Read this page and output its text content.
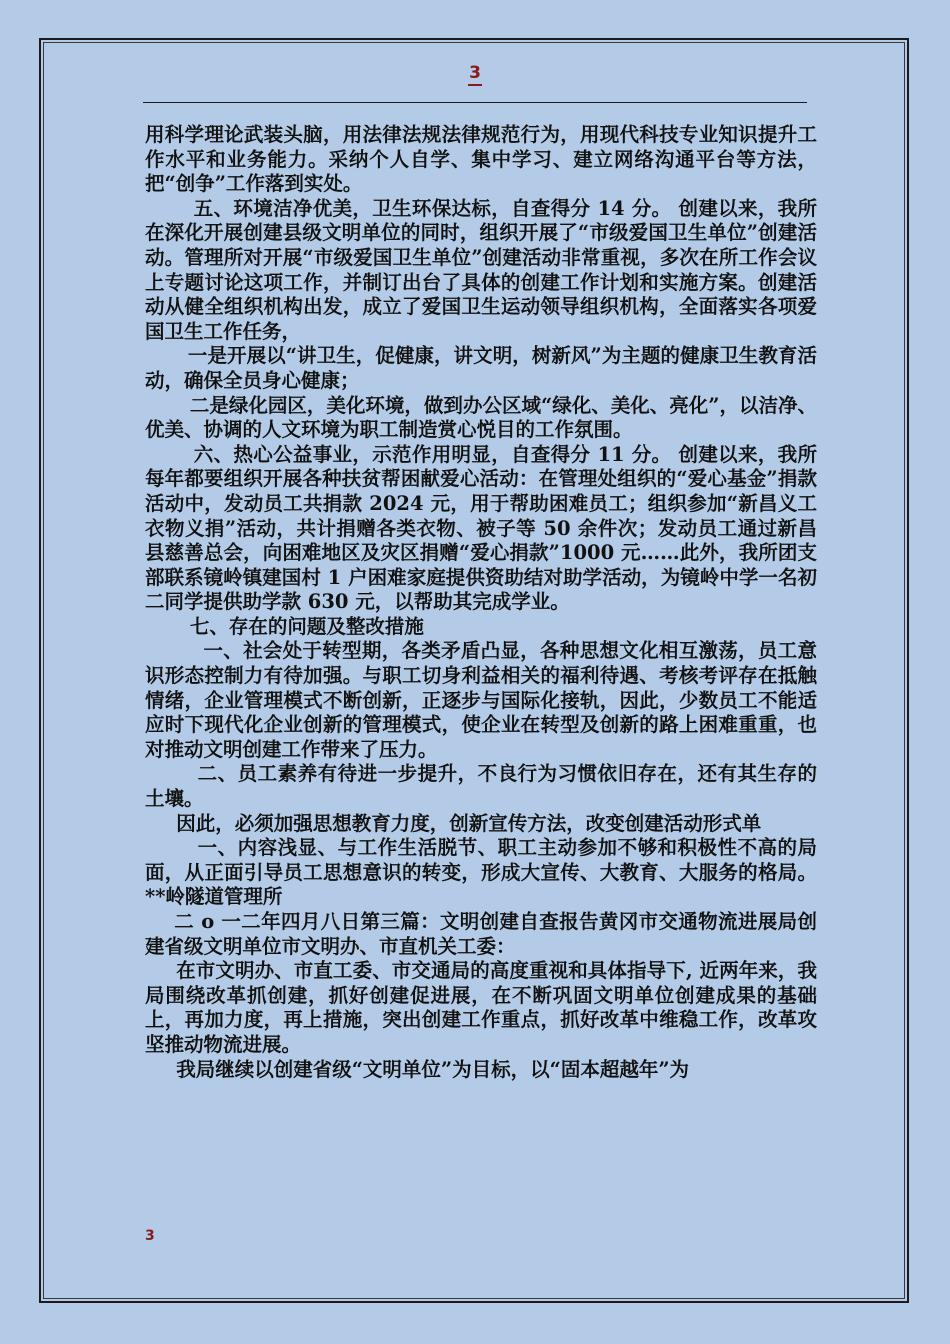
3

用科学理论武装头脑，用法律法规法律规范行为，用现代科技专业知识提升工作水平和业务能力。采纳个人自学、集中学习、建立网络沟通平台等方法，把“创争”工作落到实处。

五、环境洁净优美，卫生环保达标，自查得分 14 分。 创建以来，我所在深化开展创建县级文明单位的同时，组织开展了“市级爱国卫生单位”创建活动。管理所对开展“市级爱国卫生单位”创建活动非常重视，多次在所工作会议上专题讨论这项工作，并制订出台了具体的创建工作计划和实施方案。创建活动从健全组织机构出发，成立了爱国卫生运动领导组织机构，全面落实各项爱国卫生工作任务，

一是开展以“讲卫生，促健康，讲文明，树新风”为主题的健康卫生教育活动，确保全员身心健康；

二是绿化园区，美化环境，做到办公区域“绿化、美化、亮化”，以洁净、优美、协调的人文环境为职工制造赏心悦目的工作氛围。

六、热心公益事业，示范作用明显，自查得分 11 分。 创建以来，我所每年都要组织开展各种扶贫帮困献爱心活动：在管理处组织的“爱心基金”捐款活动中，发动员工共捐款 2024 元，用于帮助困难员工；组织参加“新昌义工衣物义捐”活动，共计捐赠各类衣物、被子等 50 余件次；发动员工通过新昌县慈善总会，向困难地区及灾区捐赠“爱心捐款”1000 元……此外，我所团支部联系镜岭镇建国村 1 户困难家庭提供资助结对助学活动，为镜岭中学一名初二同学提供助学款 630 元，以帮助其完成学业。

七、存在的问题及整改措施

一、社会处于转型期，各类矛盾凸显，各种思想文化相互激荡，员工意识形态控制力有待加强。与职工切身利益相关的福利待遇、考核考评存在抵触情绪，企业管理模式不断创新，正逐步与国际化接轨，因此，少数员工不能适应时下现代化企业创新的管理模式，使企业在转型及创新的路上困难重重，也对推动文明创建工作带来了压力。

二、员工素养有待进一步提升，不良行为习惯依旧存在，还有其生存的土壤。

因此，必须加强思想教育力度，创新宣传方法，改变创建活动形式单

一、内容浅显、与工作生活脱节、职工主动参加不够和积极性不高的局面，从正面引导员工思想意识的转变，形成大宣传、大教育、大服务的格局。**岭隧道管理所

二 o 一二年四月八日第三篇：文明创建自查报告黄冈市交通物流进展局创建省级文明单位市文明办、市直机关工委：

在市文明办、市直工委、市交通局的高度重视和具体指导下, 近两年来，我局围绕改革抓创建，抓好创建促进展，在不断巩固文明单位创建成果的基础上，再加力度，再上措施，突出创建工作重点，抓好改革中维稳工作，改革攻坚推动物流进展。

我局继续以创建省级“文明单位”为目标，以“固本超越年”为

3
